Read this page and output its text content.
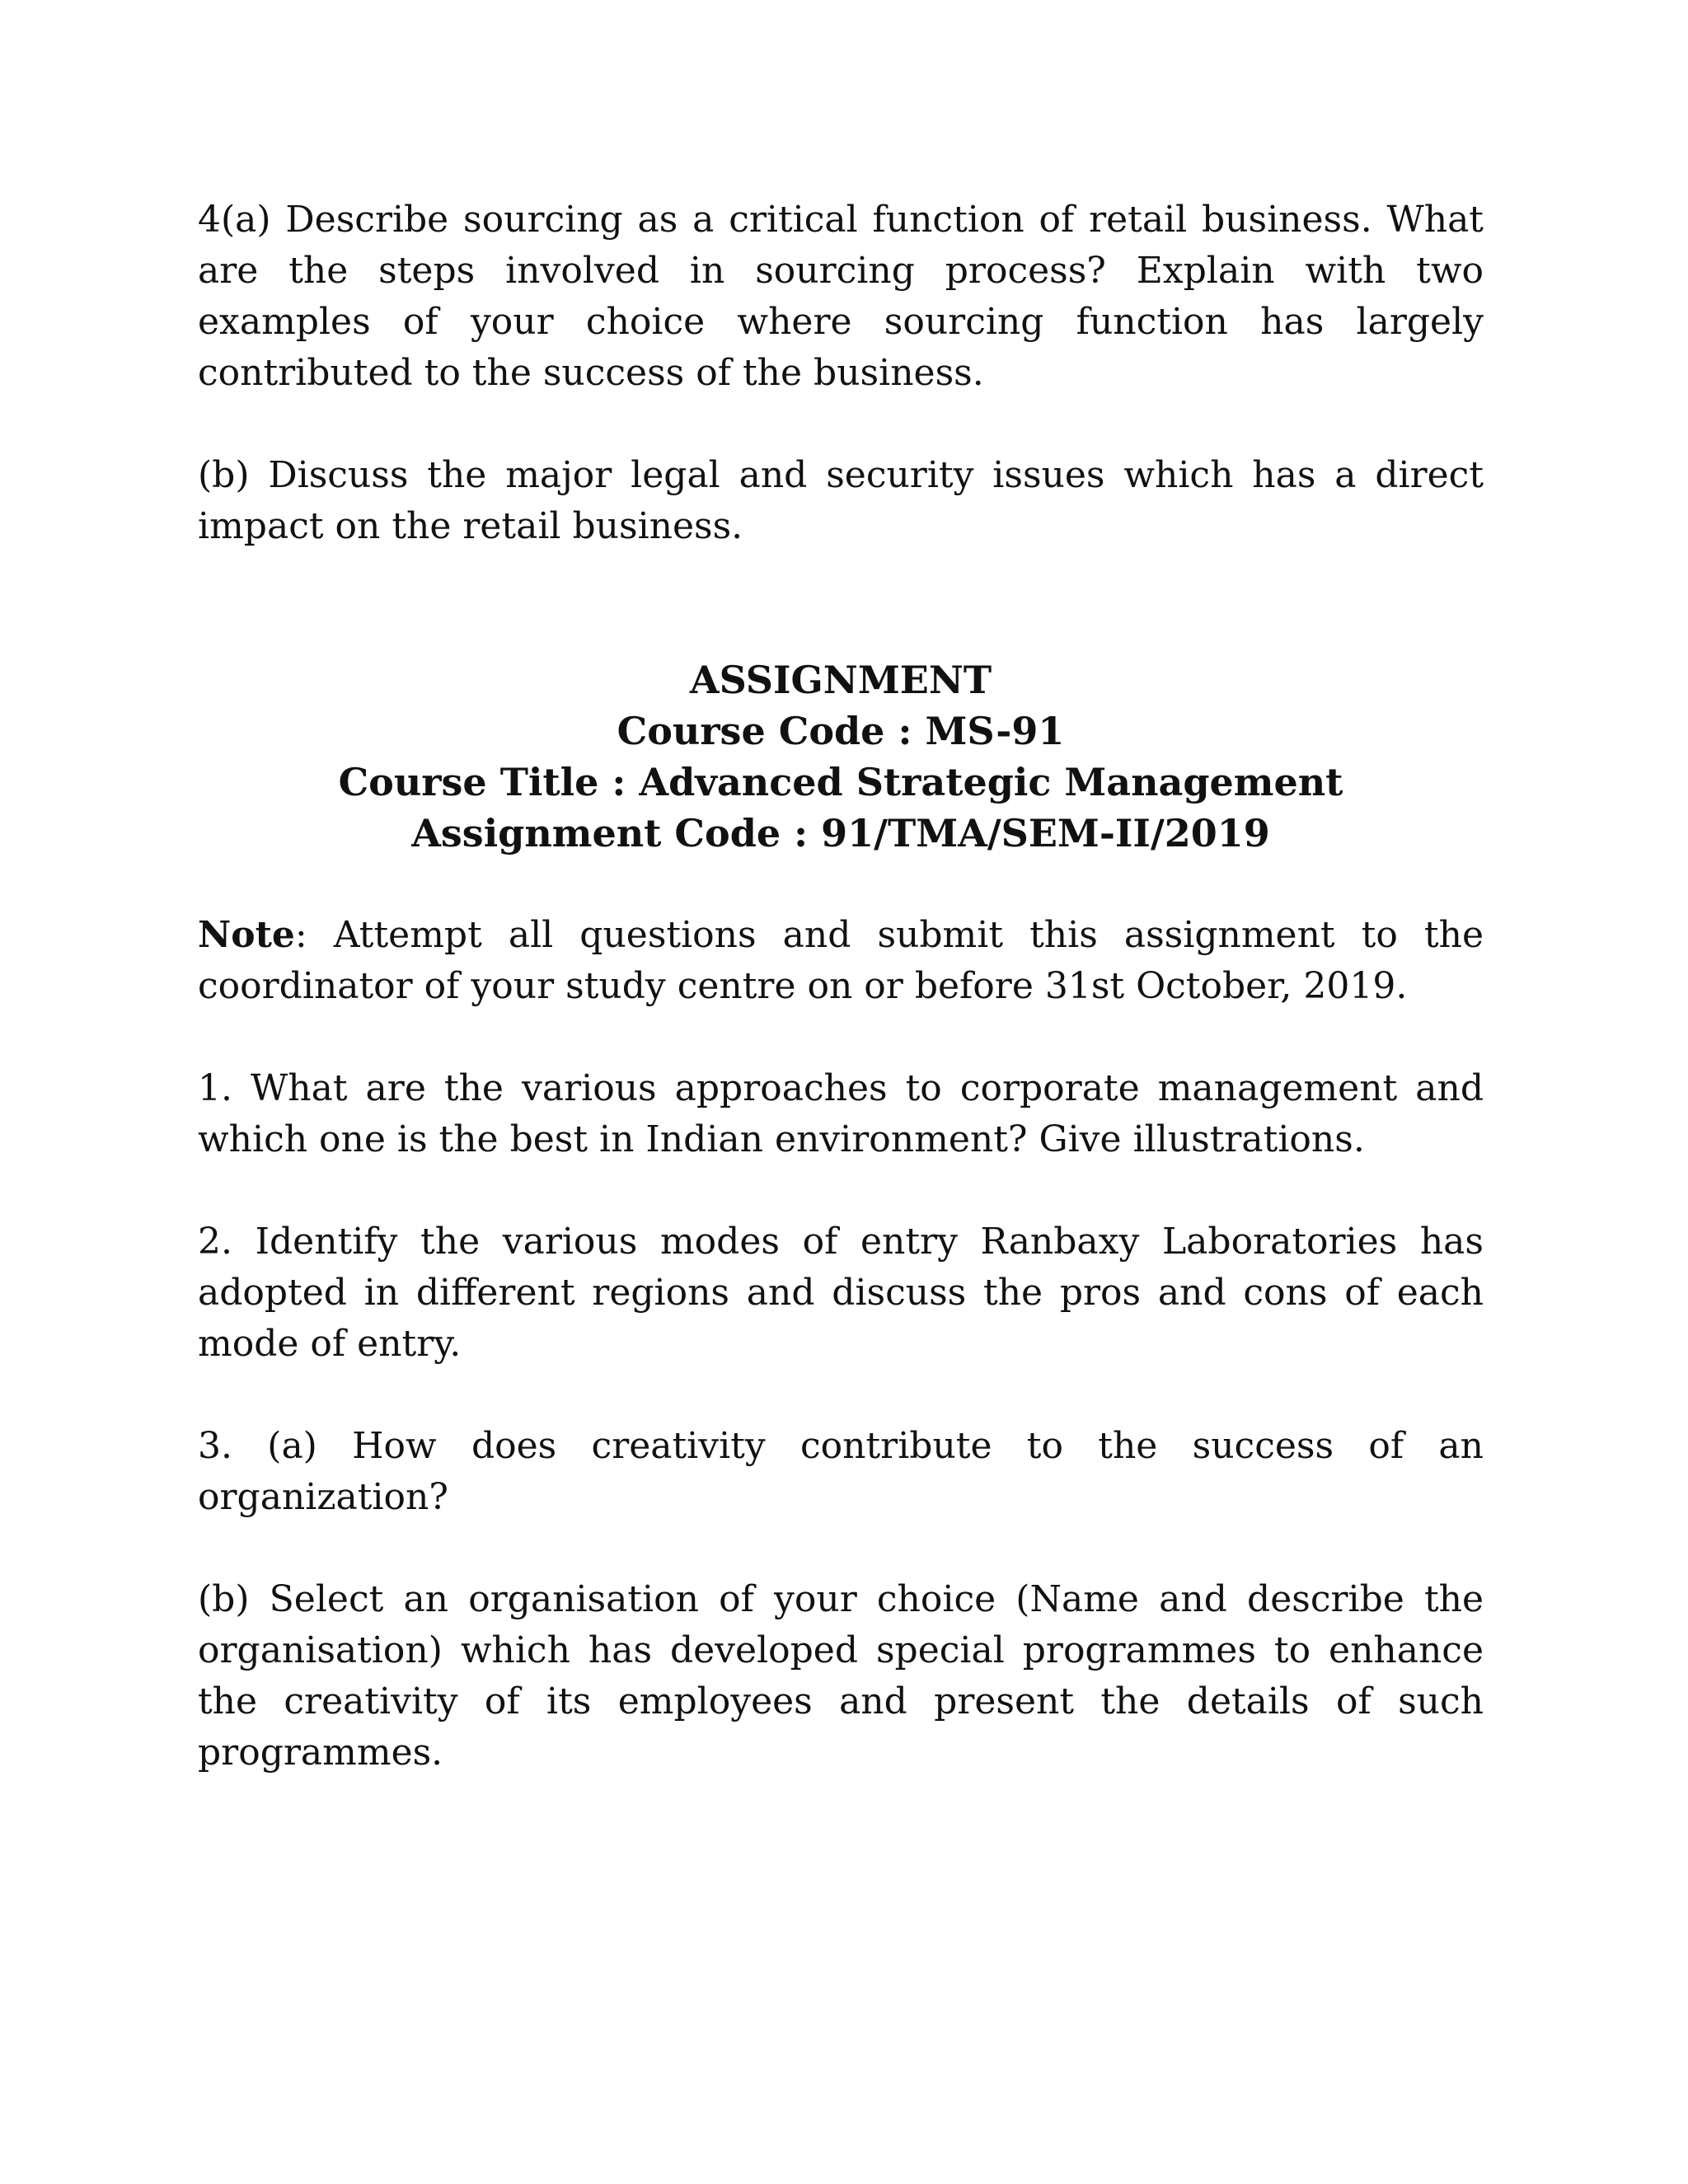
4(a) Describe sourcing as a critical function of retail business. What are the steps involved in sourcing process? Explain with two examples of your choice where sourcing function has largely contributed to the success of the business.

(b) Discuss the major legal and security issues which has a direct impact on the retail business.

ASSIGNMENT
Course Code : MS-91
Course Title : Advanced Strategic Management
Assignment Code : 91/TMA/SEM-II/2019

Note: Attempt all questions and submit this assignment to the coordinator of your study centre on or before 31st October, 2019.

1. What are the various approaches to corporate management and which one is the best in Indian environment? Give illustrations.

2. Identify the various modes of entry Ranbaxy Laboratories has adopted in different regions and discuss the pros and cons of each mode of entry.

3. (a) How does creativity contribute to the success of an organization?

(b) Select an organisation of your choice (Name and describe the organisation) which has developed special programmes to enhance the creativity of its employees and present the details of such programmes.
